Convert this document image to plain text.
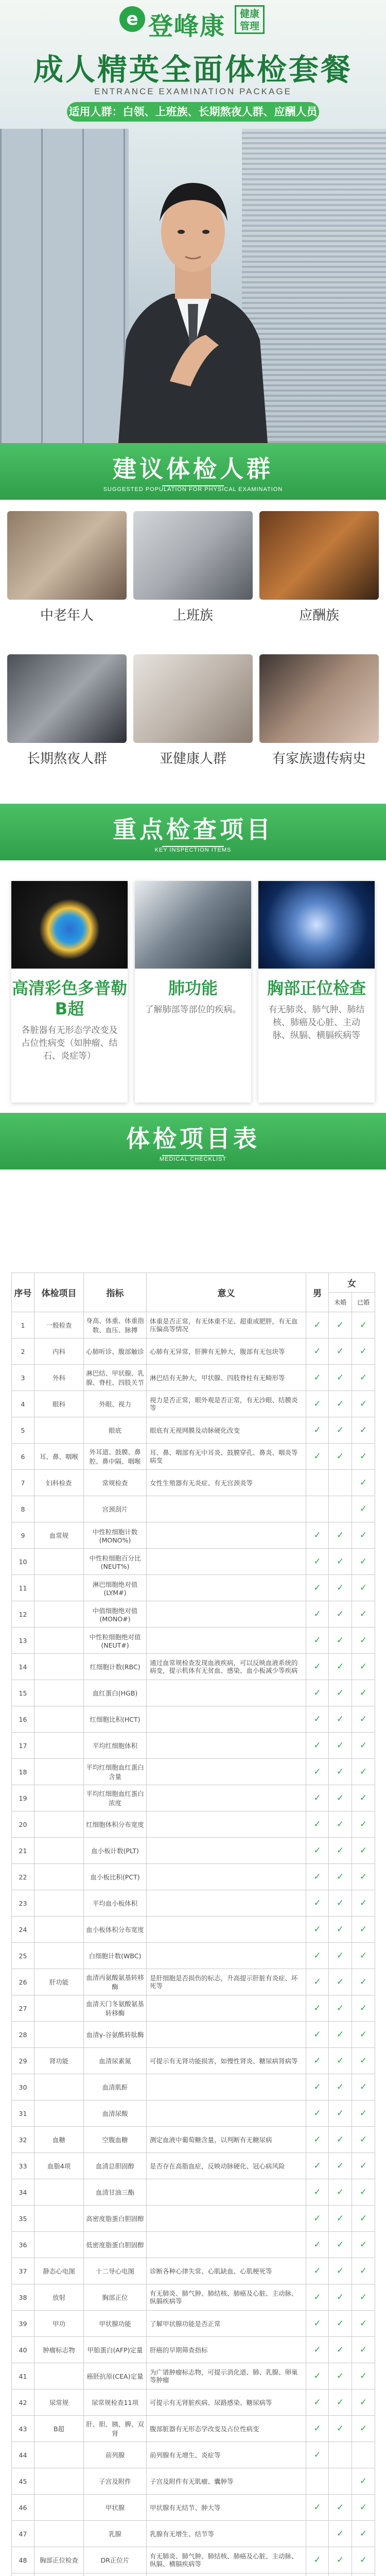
e 登峰康	健康管理
成人精英全面体检套餐
ENTRANCE EXAMINATION PACKAGE
适用人群：白领、上班族、长期熬夜人群、应酬人员
建议体检人群

SUGGESTED POPULATION FOR PHYSICAL EXAMINATION

中老年人	上班族	应酬族
长期熬夜人群	亚健康人群	有家族遗传病史
重点检查项目

KEY INSPECTION ITEMS

高清彩色多普勒B超
各脏器有无形态学改变及占位性病变（如肿瘤、结石、炎症等）
肺功能
了解肺部等部位的疾病。
胸部正位检查
有无肺炎、肺气肿、肺结核、肺癌及心脏、主动脉、纵膈、横膈疾病等
体检项目表

MEDICAL CHECKLIST

序号	体检项目	指标	意义	男	女	
					未婚	已婚
1	一般检查	身高、体重、体重指数、血压、脉搏	体重是否正常，有无体重不足、超重或肥胖，有无血压偏高等情况	✓	✓	✓
2	内科	心肺听诊、腹部触诊	心肺有无异常，肝脾有无肿大，腹部有无包块等	✓	✓	✓
3	外科	淋巴结、甲状腺、乳腺、脊柱、四肢关节	淋巴结有无肿大，甲状腺、四肢脊柱有无畸形等	✓	✓	✓
4	眼科	外眼、视力	视力是否正常，眼外观是否正常，有无沙眼、结膜炎等	✓	✓	✓
5		眼底	眼底有无视网膜及动脉硬化改变	✓	✓	✓
6	耳、鼻、咽喉	外耳道、鼓膜、鼻腔、鼻中隔、咽喉	耳、鼻、咽部有无中耳炎、鼓膜穿孔、鼻炎、咽炎等病变	✓	✓	✓
7	妇科检查	常规检查	女性生殖器有无炎症、有无宫颈炎等			✓
8		宫颈刮片				✓
9	血常规	中性粒细胞计数(MONO%)		✓	✓	✓
10		中性粒细胞百分比(NEUT%)		✓	✓	✓
11		淋巴细胞绝对值(LYM#)		✓	✓	✓
12		中值细胞绝对值(MONO#)		✓	✓	✓
13		中性粒细胞绝对值(NEUT#)		✓	✓	✓
14		红细胞计数(RBC)	通过血常规检查发现血液疾病，可以反映血液系统的病变，提示机体有无贫血、感染、血小板减少等疾病	✓	✓	✓
15		血红蛋白(HGB)		✓	✓	✓
16		红细胞比积(HCT)		✓	✓	✓
17		平均红细胞体积		✓	✓	✓
18		平均红细胞血红蛋白含量		✓	✓	✓
19		平均红细胞血红蛋白浓度		✓	✓	✓
20		红细胞体积分布宽度		✓	✓	✓
21		血小板计数(PLT)		✓	✓	✓
22		血小板比积(PCT)		✓	✓	✓
23		平均血小板体积		✓	✓	✓
24		血小板体积分布宽度		✓	✓	✓
25		白细胞计数(WBC)		✓	✓	✓
26	肝功能	血清丙氨酸氨基转移酶	是肝细胞是否损伤的标志，升高提示肝脏有炎症、坏死等	✓	✓	✓
27		血清天门冬氨酸氨基转移酶		✓	✓	✓
28		血清γ-谷氨酰转肽酶		✓	✓	✓
29	肾功能	血清尿素氮	可提示有无肾功能损害，如慢性肾炎、糖尿病肾病等	✓	✓	✓
30		血清肌酐		✓	✓	✓
31		血清尿酸		✓	✓	✓
32	血糖	空腹血糖	测定血液中葡萄糖含量，以判断有无糖尿病	✓	✓	✓
33	血脂4项	血清总胆固醇	是否存在高脂血症，反映动脉硬化、冠心病风险	✓	✓	✓
34		血清甘油三酯		✓	✓	✓
35		高密度脂蛋白胆固醇		✓	✓	✓
36		低密度脂蛋白胆固醇		✓	✓	✓
37	静态心电图	十二导心电图	诊断各种心律失常、心肌缺血、心肌梗死等	✓	✓	✓
38	放射	胸部正位	有无肺炎、肺气肿、肺结核、肺癌及心脏、主动脉、纵膈疾病等	✓	✓	✓
39	甲功	甲状腺功能	了解甲状腺功能是否正常	✓	✓	✓
40	肿瘤标志物	甲胎蛋白(AFP)定量	肝癌的早期筛查指标	✓	✓	✓
41		癌胚抗原(CEA)定量	为广谱肿瘤标志物，可提示消化道、肺、乳腺、卵巢等肿瘤	✓	✓	✓
42	尿常规	尿常规检查11项	可提示有无肾脏疾病、尿路感染、糖尿病等	✓	✓	✓
43	B超	肝、胆、胰、脾、双肾	腹部脏器有无形态学改变及占位性病变	✓	✓	✓
44		前列腺	前列腺有无增生、炎症等	✓		
45		子宫及附件	子宫及附件有无肌瘤、囊肿等			✓
46		甲状腺	甲状腺有无结节、肿大等	✓	✓	✓
47		乳腺	乳腺有无增生、结节等		✓	✓
48	胸部正位检查	DR正位片	有无肺炎、肺气肿、肺结核、肺癌及心脏、主动脉、纵膈、横膈疾病等	✓	✓	✓
